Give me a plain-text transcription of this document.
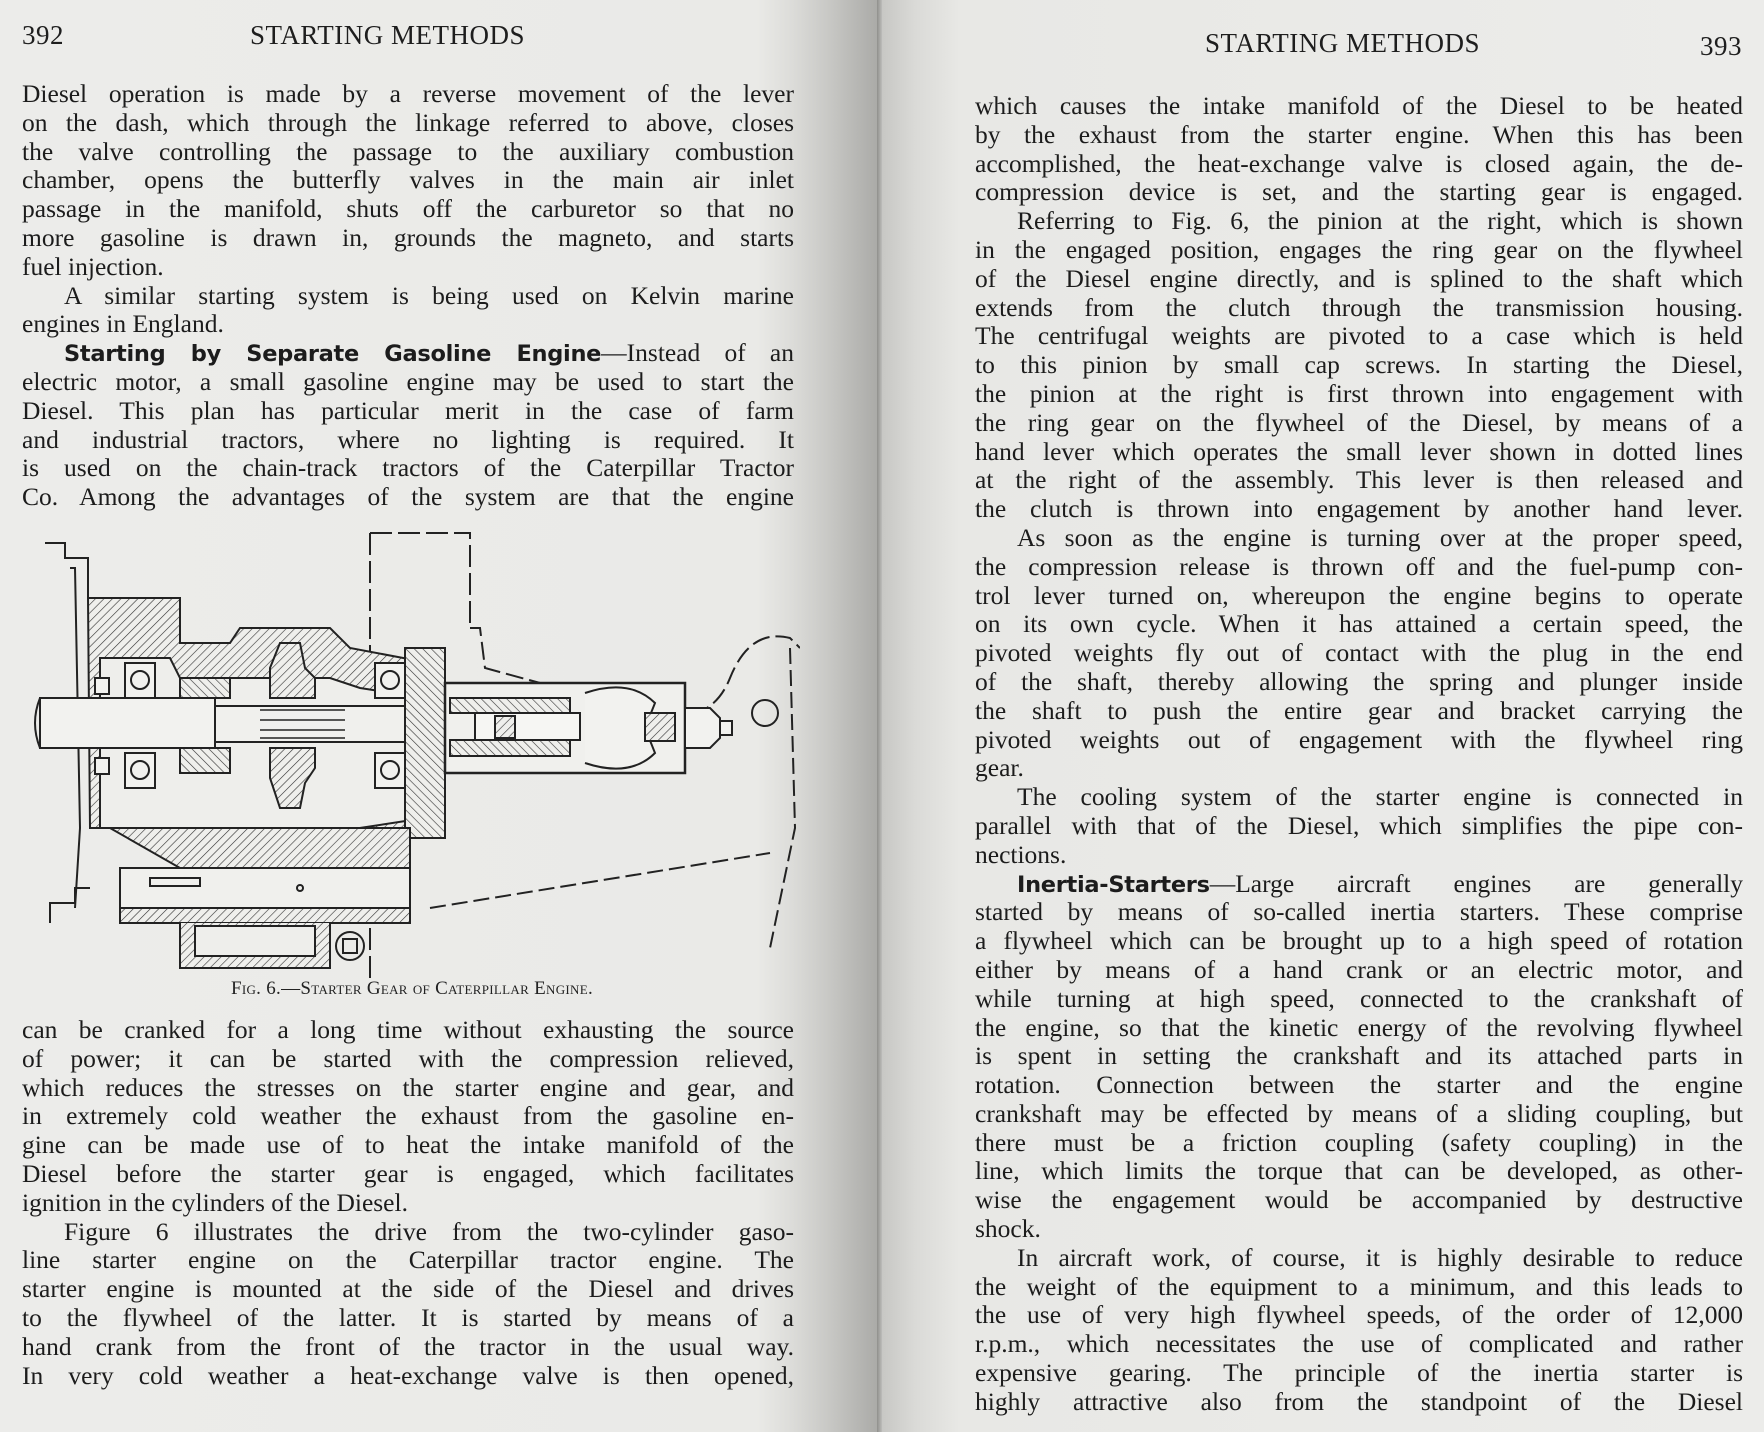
392	STARTING METHODS
Diesel operation is made by a reverse movement of the lever
on the dash, which through the linkage referred to above, closes
the valve controlling the passage to the auxiliary combustion
chamber, opens the butterfly valves in the main air inlet
passage in the manifold, shuts off the carburetor so that no
more gasoline is drawn in, grounds the magneto, and starts
fuel injection.
A similar starting system is being used on Kelvin marine
engines in England.
Starting by Separate Gasoline Engine—Instead of an
electric motor, a small gasoline engine may be used to start the
Diesel. This plan has particular merit in the case of farm
and industrial tractors, where no lighting is required. It
is used on the chain-track tractors of the Caterpillar Tractor
Co. Among the advantages of the system are that the engine
Fig. 6.—Starter Gear of Caterpillar Engine.
can be cranked for a long time without exhausting the source
of power; it can be started with the compression relieved,
which reduces the stresses on the starter engine and gear, and
in extremely cold weather the exhaust from the gasoline en-
gine can be made use of to heat the intake manifold of the
Diesel before the starter gear is engaged, which facilitates
ignition in the cylinders of the Diesel.
Figure 6 illustrates the drive from the two-cylinder gaso-
line starter engine on the Caterpillar tractor engine. The
starter engine is mounted at the side of the Diesel and drives
to the flywheel of the latter. It is started by means of a
hand crank from the front of the tractor in the usual way.
In very cold weather a heat-exchange valve is then opened,
STARTING METHODS	393
which causes the intake manifold of the Diesel to be heated
by the exhaust from the starter engine. When this has been
accomplished, the heat-exchange valve is closed again, the de-
compression device is set, and the starting gear is engaged.
Referring to Fig. 6, the pinion at the right, which is shown
in the engaged position, engages the ring gear on the flywheel
of the Diesel engine directly, and is splined to the shaft which
extends from the clutch through the transmission housing.
The centrifugal weights are pivoted to a case which is held
to this pinion by small cap screws. In starting the Diesel,
the pinion at the right is first thrown into engagement with
the ring gear on the flywheel of the Diesel, by means of a
hand lever which operates the small lever shown in dotted lines
at the right of the assembly. This lever is then released and
the clutch is thrown into engagement by another hand lever.
As soon as the engine is turning over at the proper speed,
the compression release is thrown off and the fuel-pump con-
trol lever turned on, whereupon the engine begins to operate
on its own cycle. When it has attained a certain speed, the
pivoted weights fly out of contact with the plug in the end
of the shaft, thereby allowing the spring and plunger inside
the shaft to push the entire gear and bracket carrying the
pivoted weights out of engagement with the flywheel ring
gear.
The cooling system of the starter engine is connected in
parallel with that of the Diesel, which simplifies the pipe con-
nections.
Inertia-Starters—Large aircraft engines are generally
started by means of so-called inertia starters. These comprise
a flywheel which can be brought up to a high speed of rotation
either by means of a hand crank or an electric motor, and
while turning at high speed, connected to the crankshaft of
the engine, so that the kinetic energy of the revolving flywheel
is spent in setting the crankshaft and its attached parts in
rotation. Connection between the starter and the engine
crankshaft may be effected by means of a sliding coupling, but
there must be a friction coupling (safety coupling) in the
line, which limits the torque that can be developed, as other-
wise the engagement would be accompanied by destructive
shock.
In aircraft work, of course, it is highly desirable to reduce
the weight of the equipment to a minimum, and this leads to
the use of very high flywheel speeds, of the order of 12,000
r.p.m., which necessitates the use of complicated and rather
expensive gearing. The principle of the inertia starter is
highly attractive also from the standpoint of the Diesel
